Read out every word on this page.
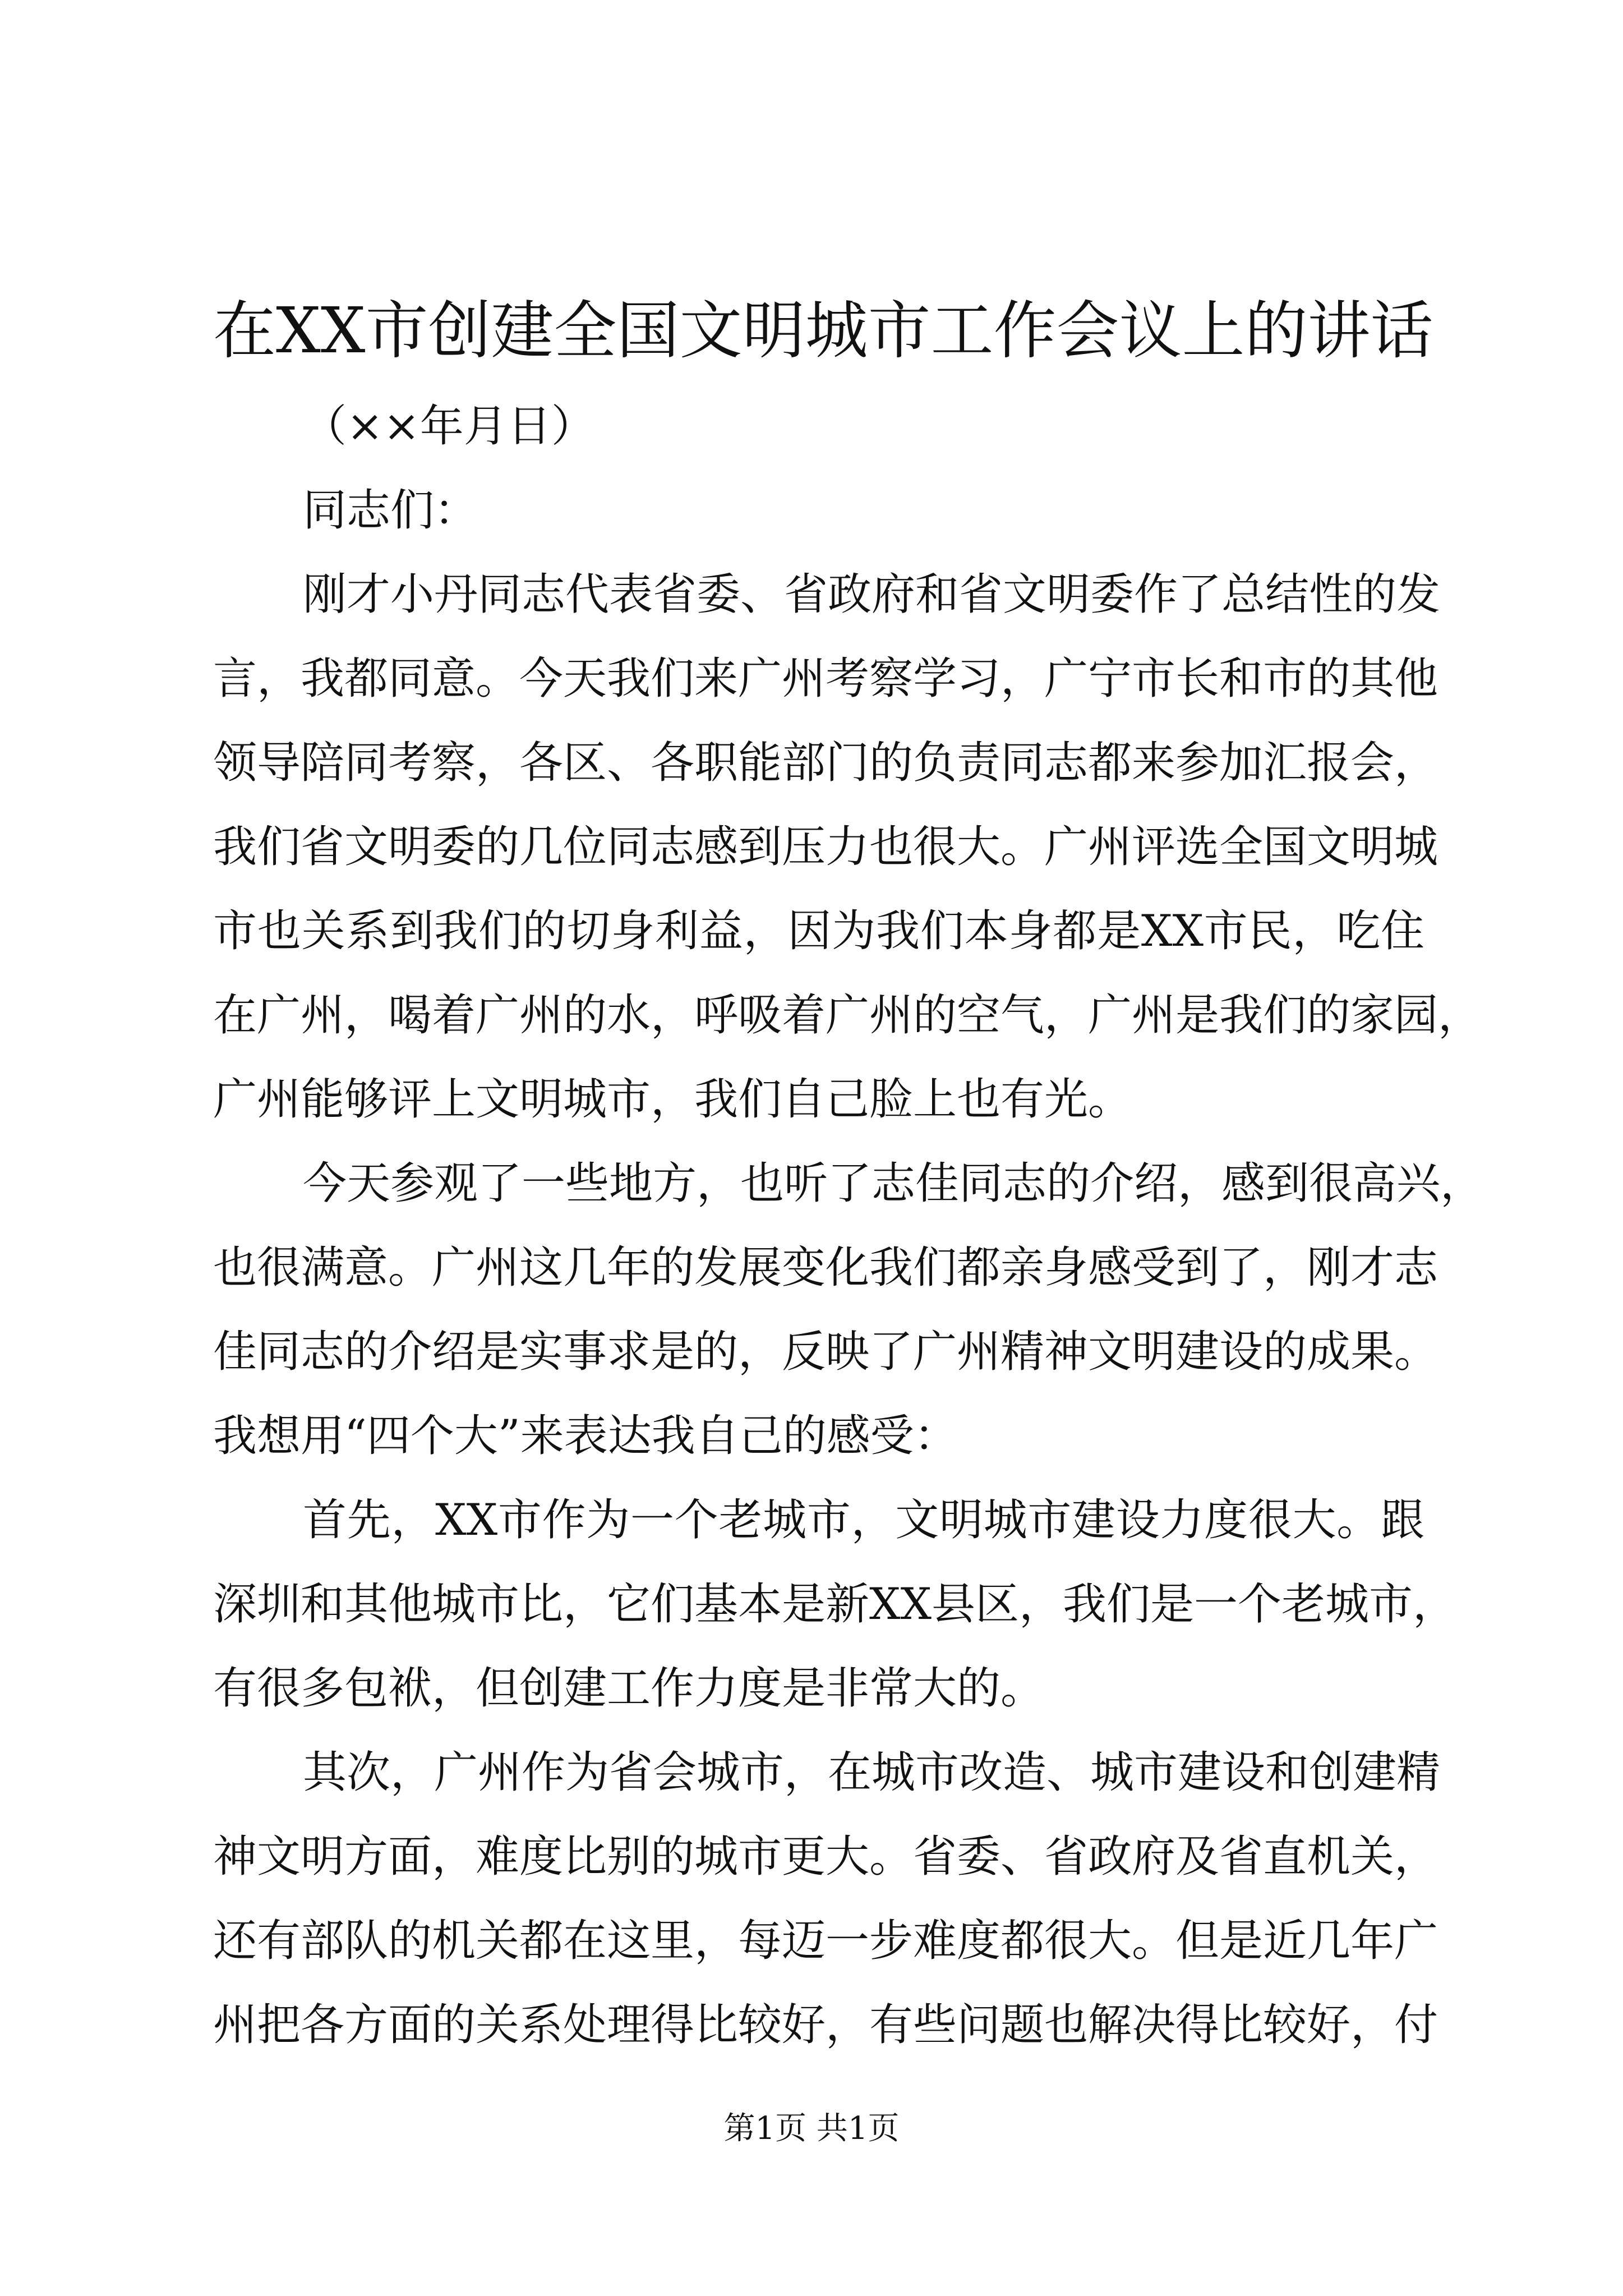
在XX市创建全国文明城市工作会议上的讲话

（××年月日）

同志们：

刚才小丹同志代表省委、省政府和省文明委作了总结性的发

言，我都同意。今天我们来广州考察学习，广宁市长和市的其他

领导陪同考察，各区、各职能部门的负责同志都来参加汇报会，

我们省文明委的几位同志感到压力也很大。广州评选全国文明城

市也关系到我们的切身利益，因为我们本身都是XX市民，吃住

在广州，喝着广州的水，呼吸着广州的空气，广州是我们的家园，

广州能够评上文明城市，我们自己脸上也有光。

今天参观了一些地方，也听了志佳同志的介绍，感到很高兴，

也很满意。广州这几年的发展变化我们都亲身感受到了，刚才志

佳同志的介绍是实事求是的，反映了广州精神文明建设的成果。

我想用“四个大”来表达我自己的感受：

首先，XX市作为一个老城市，文明城市建设力度很大。跟

深圳和其他城市比，它们基本是新XX县区，我们是一个老城市，

有很多包袱，但创建工作力度是非常大的。

其次，广州作为省会城市，在城市改造、城市建设和创建精

神文明方面，难度比别的城市更大。省委、省政府及省直机关，

还有部队的机关都在这里，每迈一步难度都很大。但是近几年广

州把各方面的关系处理得比较好，有些问题也解决得比较好，付

第1页 共1页
